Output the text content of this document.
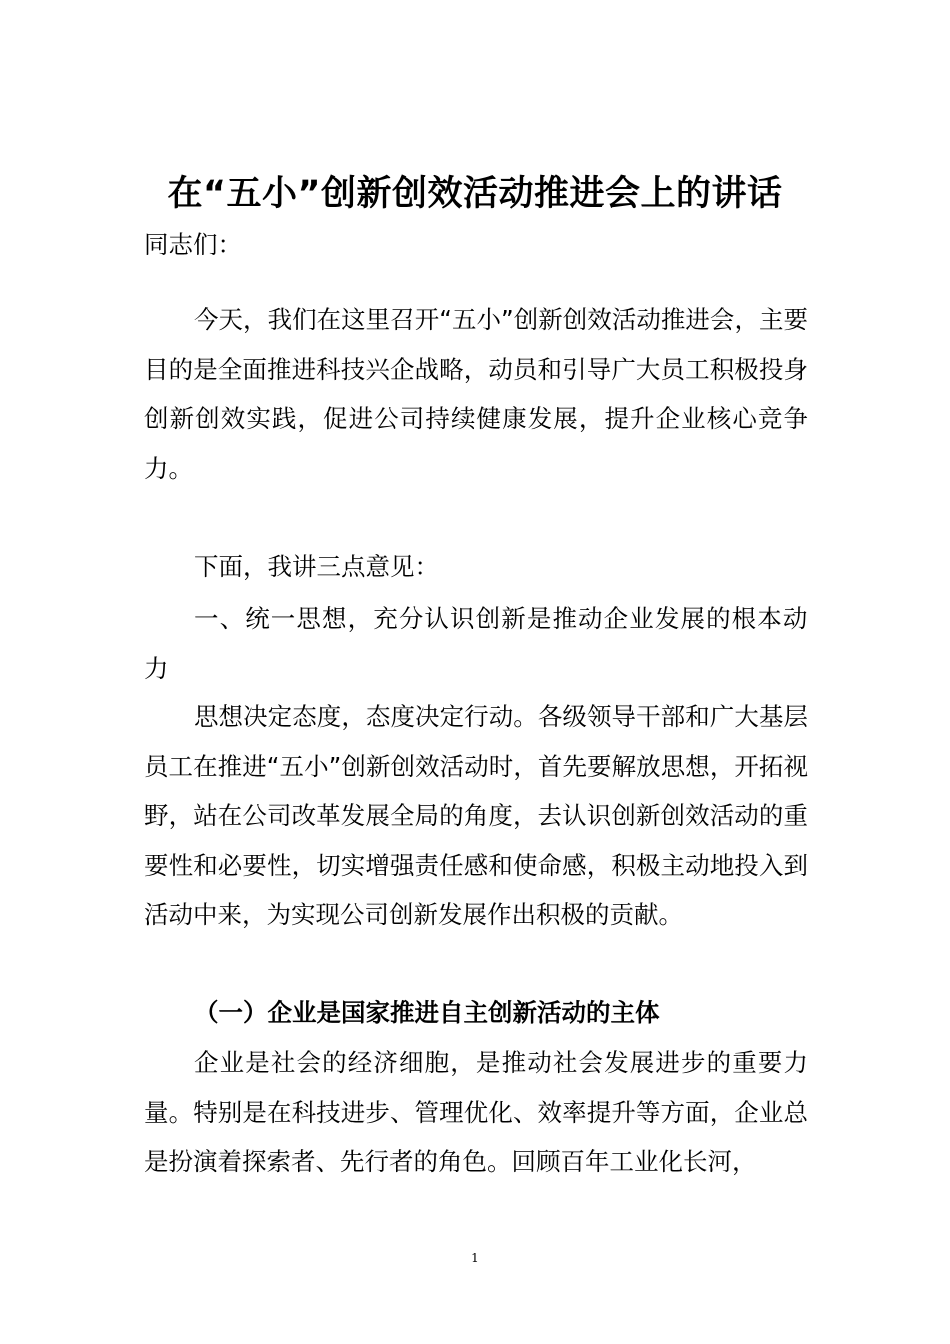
在“五小”创新创效活动推进会上的讲话

同志们：

今天，我们在这里召开“五小”创新创效活动推进会，主要目的是全面推进科技兴企战略，动员和引导广大员工积极投身创新创效实践，促进公司持续健康发展，提升企业核心竞争力。

下面，我讲三点意见：

一、统一思想，充分认识创新是推动企业发展的根本动力

思想决定态度，态度决定行动。各级领导干部和广大基层员工在推进“五小”创新创效活动时，首先要解放思想，开拓视野，站在公司改革发展全局的角度，去认识创新创效活动的重要性和必要性，切实增强责任感和使命感，积极主动地投入到活动中来，为实现公司创新发展作出积极的贡献。

（一）企业是国家推进自主创新活动的主体

企业是社会的经济细胞，是推动社会发展进步的重要力量。特别是在科技进步、管理优化、效率提升等方面，企业总是扮演着探索者、先行者的角色。回顾百年工业化长河，

1
